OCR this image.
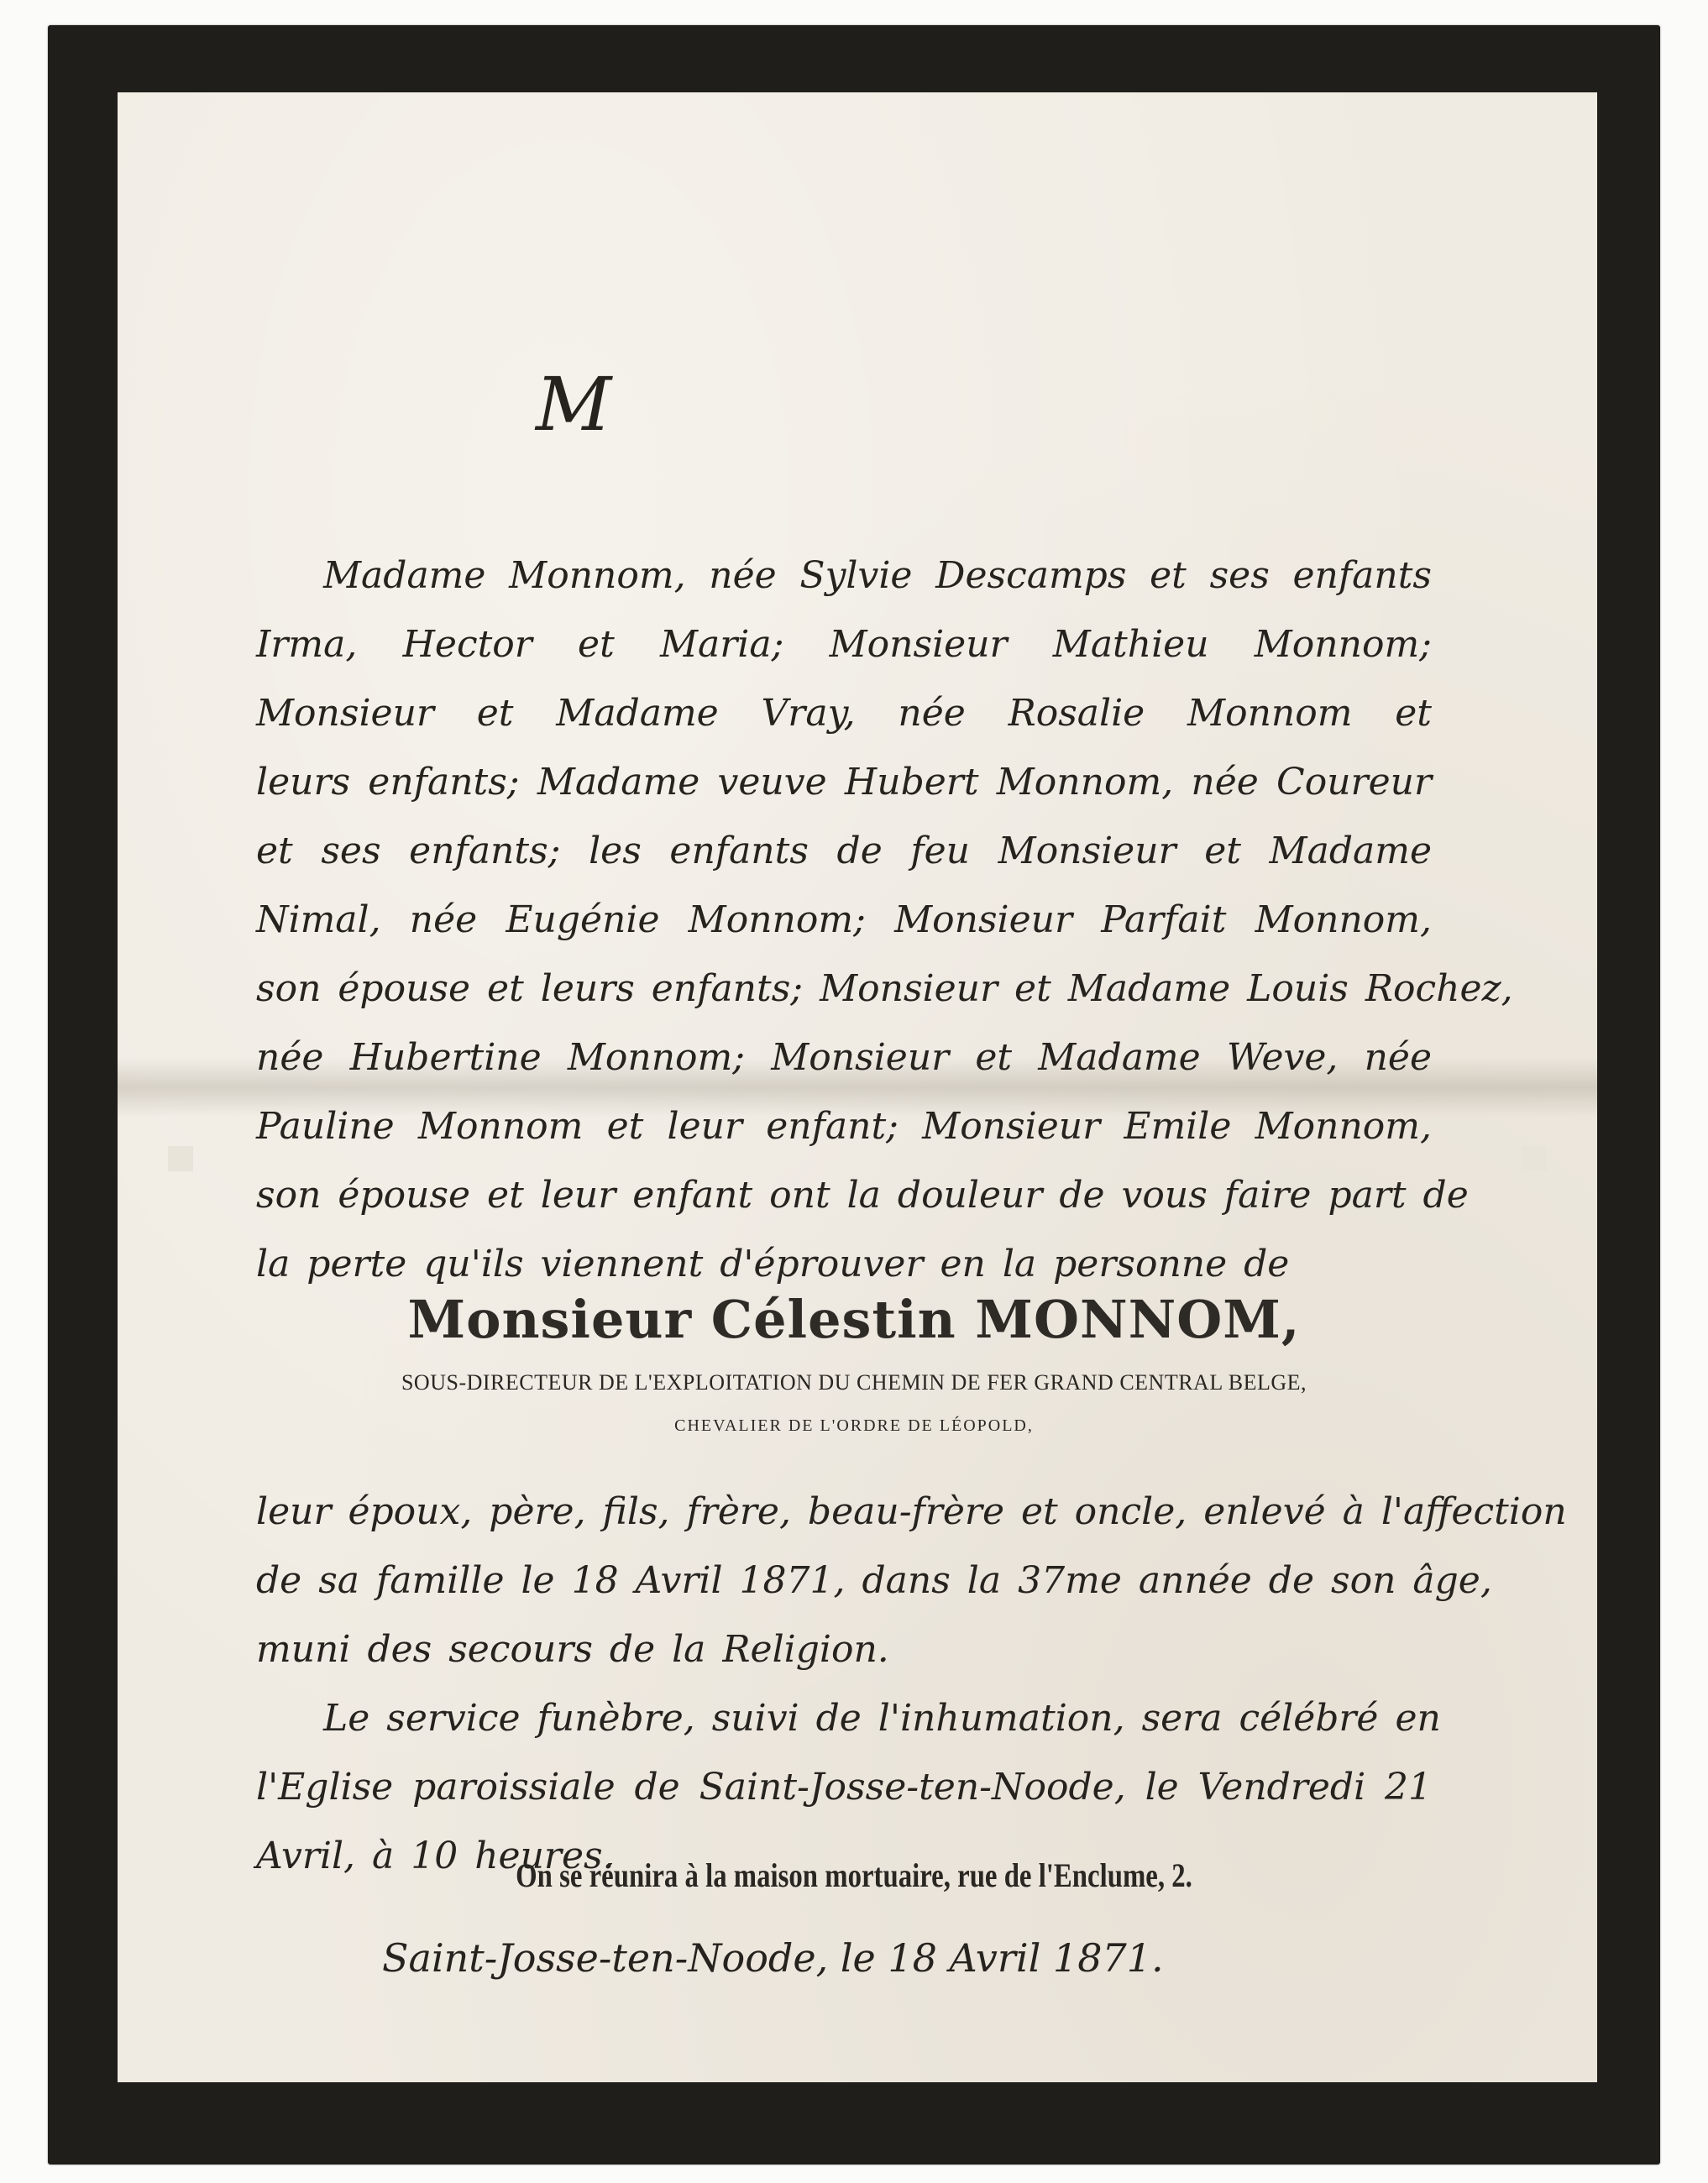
M
Madame Monnom, née Sylvie Descamps et ses enfants
Irma, Hector et Maria; Monsieur Mathieu Monnom;
Monsieur et Madame Vray, née Rosalie Monnom et
leurs enfants; Madame veuve Hubert Monnom, née Coureur
et ses enfants; les enfants de feu Monsieur et Madame
Nimal, née Eugénie Monnom; Monsieur Parfait Monnom,
son épouse et leurs enfants; Monsieur et Madame Louis Rochez,
née Hubertine Monnom; Monsieur et Madame Weve, née
Pauline Monnom et leur enfant; Monsieur Emile Monnom,
son épouse et leur enfant ont la douleur de vous faire part de
la perte qu'ils viennent d'éprouver en la personne de
Monsieur Célestin MONNOM,
SOUS-DIRECTEUR DE L'EXPLOITATION DU CHEMIN DE FER GRAND CENTRAL BELGE,
CHEVALIER DE L'ORDRE DE LÉOPOLD,
leur époux, père, fils, frère, beau-frère et oncle, enlevé à l'affection
de sa famille le 18 Avril 1871, dans la 37me année de son âge,
muni des secours de la Religion.
Le service funèbre, suivi de l'inhumation, sera célébré en
l'Eglise paroissiale de Saint-Josse-ten-Noode, le Vendredi 21
Avril, à 10 heures.
On se réunira à la maison mortuaire, rue de l'Enclume, 2.
Saint-Josse-ten-Noode, le 18 Avril 1871.
